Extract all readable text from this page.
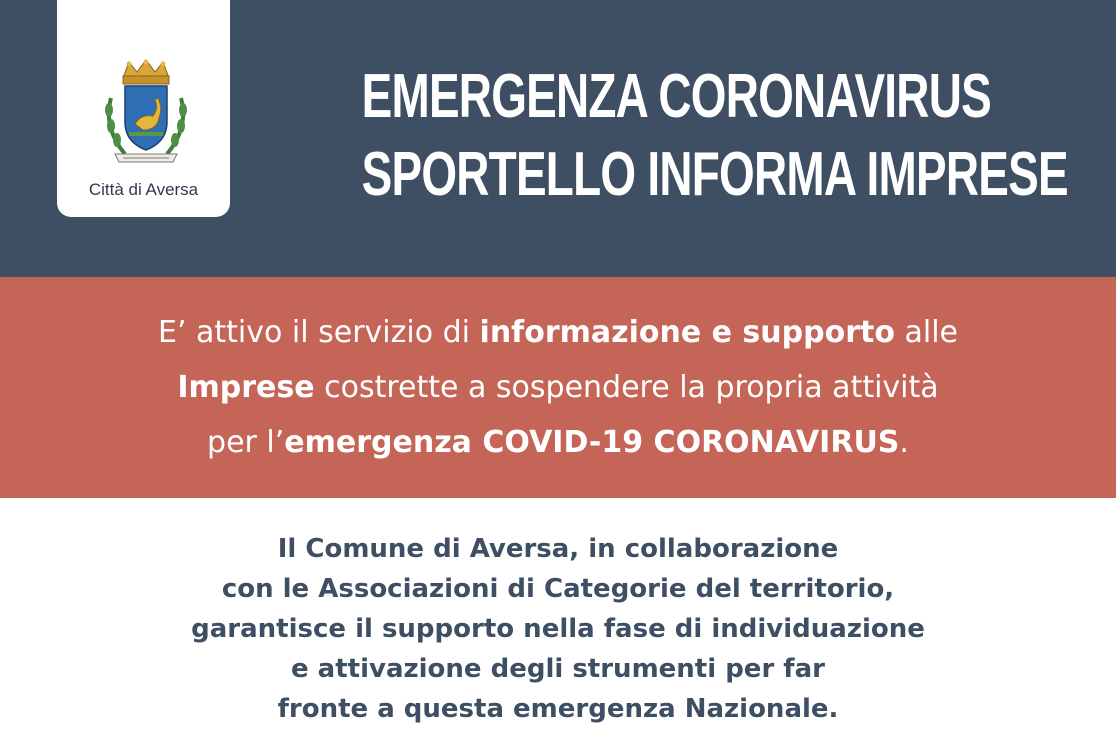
Città di Aversa
EMERGENZA CORONAVIRUS
SPORTELLO INFORMA IMPRESE
E’ attivo il servizio di informazione e supporto alle
Imprese costrette a sospendere la propria attività
per l’emergenza COVID-19 CORONAVIRUS.
Il Comune di Aversa, in collaborazione
con le Associazioni di Categorie del territorio,
garantisce il supporto nella fase di individuazione
e attivazione degli strumenti per far
fronte a questa emergenza Nazionale.
